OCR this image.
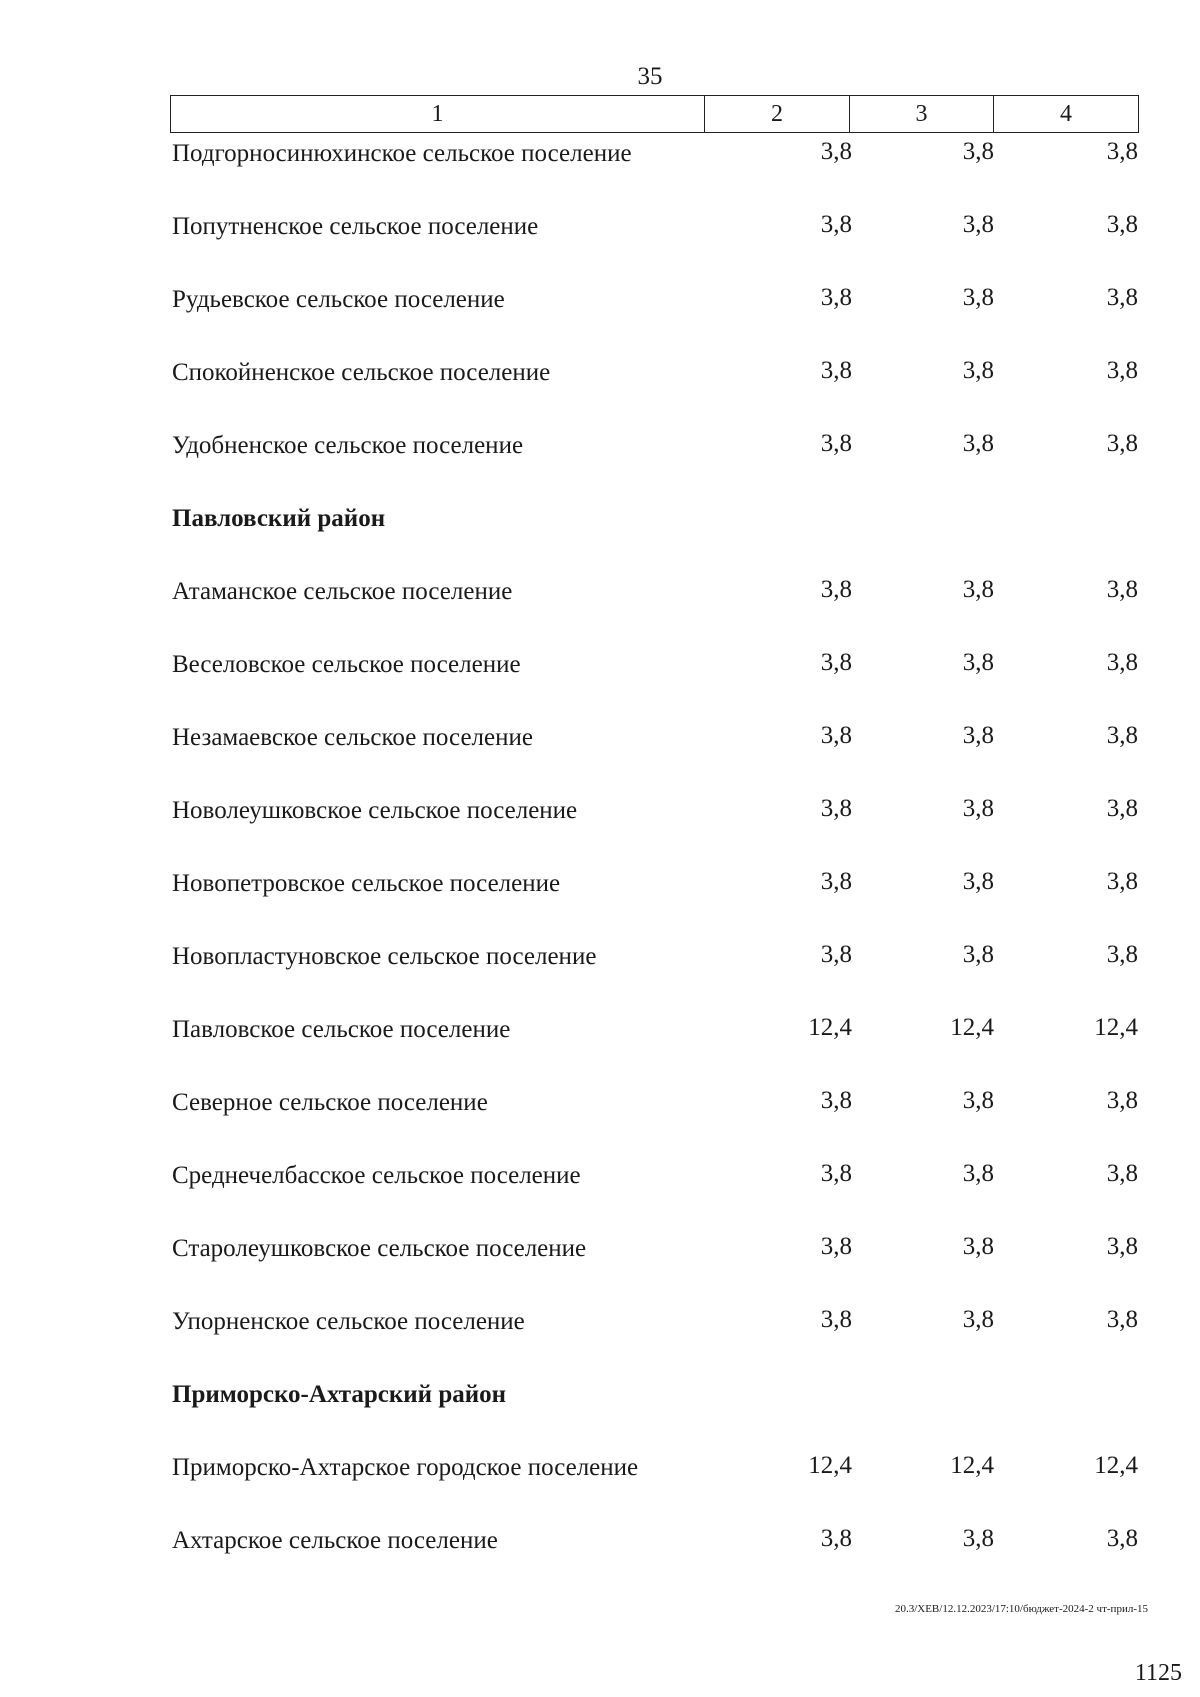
35
1	2	3	4
Подгорносинюхинское сельское поселение	3,8	3,8	3,8
Попутненское сельское поселение	3,8	3,8	3,8
Рудьевское сельское поселение	3,8	3,8	3,8
Спокойненское сельское поселение	3,8	3,8	3,8
Удобненское сельское поселение	3,8	3,8	3,8
Павловский район
Атаманское сельское поселение	3,8	3,8	3,8
Веселовское сельское поселение	3,8	3,8	3,8
Незамаевское сельское поселение	3,8	3,8	3,8
Новолеушковское сельское поселение	3,8	3,8	3,8
Новопетровское сельское поселение	3,8	3,8	3,8
Новопластуновское сельское поселение	3,8	3,8	3,8
Павловское сельское поселение	12,4	12,4	12,4
Северное сельское поселение	3,8	3,8	3,8
Среднечелбасское сельское поселение	3,8	3,8	3,8
Старолеушковское сельское поселение	3,8	3,8	3,8
Упорненское сельское поселение	3,8	3,8	3,8
Приморско-Ахтарский район
Приморско-Ахтарское городское поселение	12,4	12,4	12,4
Ахтарское сельское поселение	3,8	3,8	3,8
20.3/XEB/12.12.2023/17:10/бюджет-2024-2 чт-прил-15
1125
